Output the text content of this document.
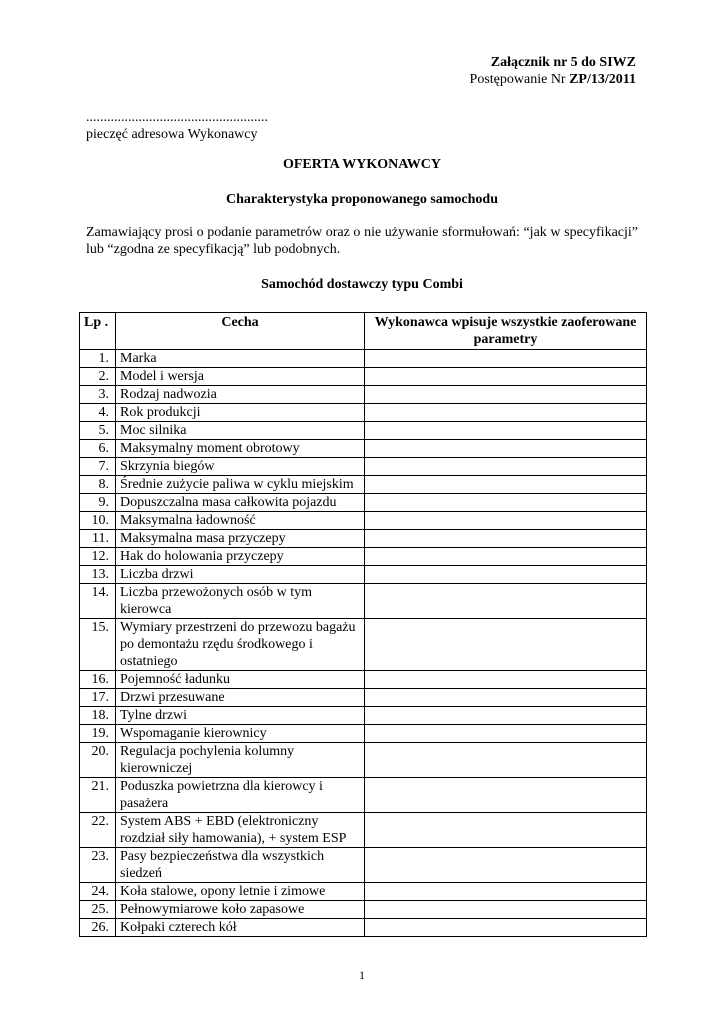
Załącznik nr 5 do SIWZ
Postępowanie Nr ZP/13/2011
....................................................
pieczęć adresowa Wykonawcy
OFERTA WYKONAWCY
Charakterystyka proponowanego samochodu
Zamawiający prosi o podanie parametrów oraz o nie używanie sformułowań: “jak w specyfikacji” lub “zgodna ze specyfikacją” lub podobnych.
Samochód dostawczy typu Combi
Lp .	Cecha	Wykonawca wpisuje wszystkie zaoferowane parametry
1.	Marka	
2.	Model i wersja	
3.	Rodzaj nadwozia	
4.	Rok produkcji	
5.	Moc silnika	
6.	Maksymalny moment obrotowy	
7.	Skrzynia biegów	
8.	Średnie zużycie paliwa w cyklu miejskim	
9.	Dopuszczalna masa całkowita pojazdu	
10.	Maksymalna ładowność	
11.	Maksymalna masa przyczepy	
12.	Hak do holowania przyczepy	
13.	Liczba drzwi	
14.	Liczba przewożonych osób w tym kierowca	
15.	Wymiary przestrzeni do przewozu bagażu po demontażu rzędu środkowego i ostatniego	
16.	Pojemność ładunku	
17.	Drzwi przesuwane	
18.	Tylne drzwi	
19.	Wspomaganie kierownicy	
20.	Regulacja pochylenia kolumny kierowniczej	
21.	Poduszka powietrzna dla kierowcy i pasażera	
22.	System ABS + EBD (elektroniczny rozdział siły hamowania), + system ESP	
23.	Pasy bezpieczeństwa dla wszystkich siedzeń	
24.	Koła stalowe, opony letnie i zimowe	
25.	Pełnowymiarowe koło zapasowe	
26.	Kołpaki czterech kół	
1
